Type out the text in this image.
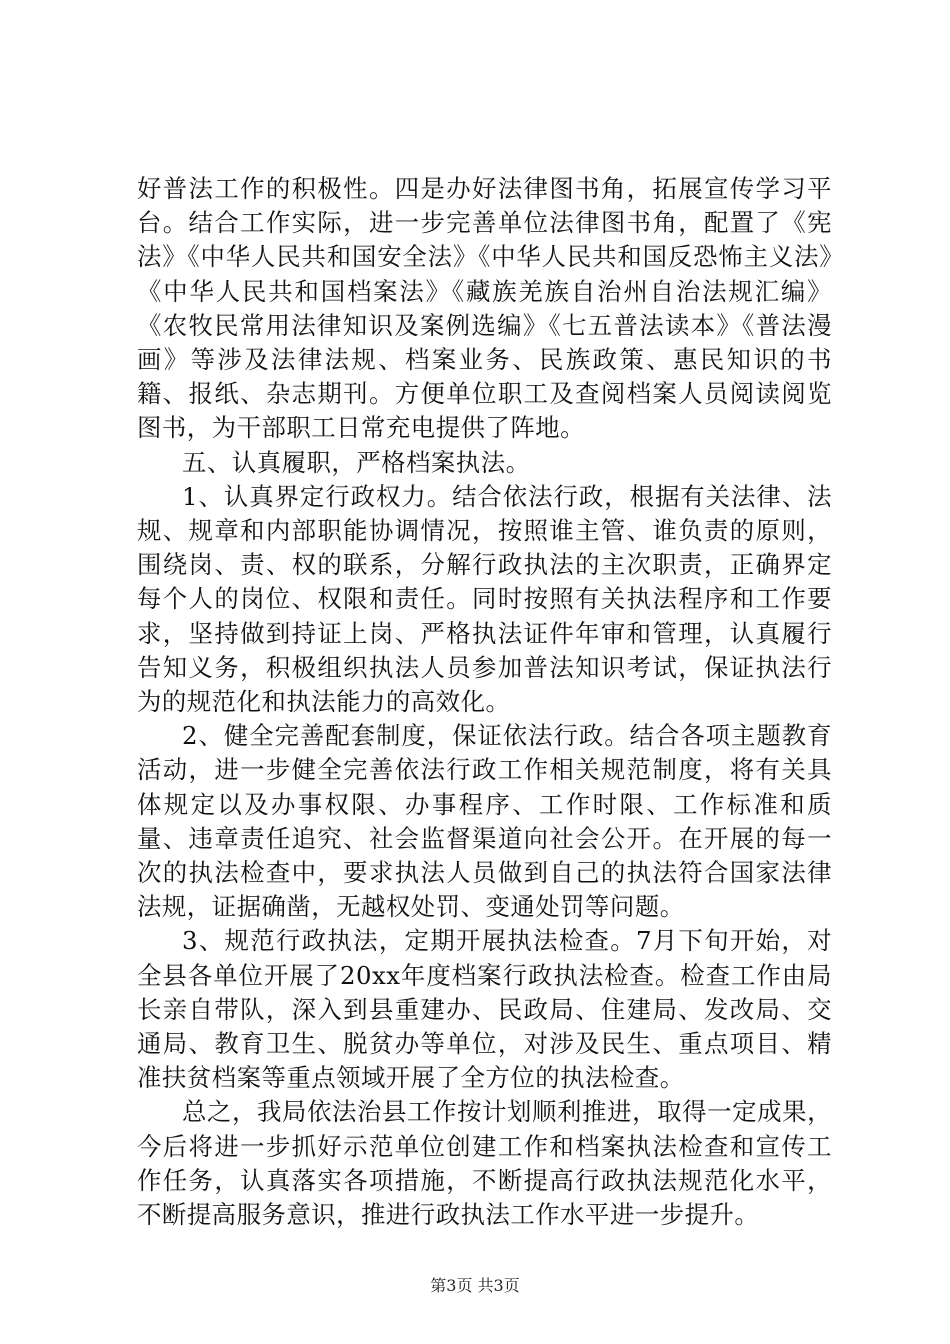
好普法工作的积极性。四是办好法律图书角，拓展宣传学习平台。结合工作实际，进一步完善单位法律图书角，配置了《宪法》《中华人民共和国安全法》《中华人民共和国反恐怖主义法》《中华人民共和国档案法》《藏族羌族自治州自治法规汇编》《农牧民常用法律知识及案例选编》《七五普法读本》《普法漫画》等涉及法律法规、档案业务、民族政策、惠民知识的书籍、报纸、杂志期刊。方便单位职工及查阅档案人员阅读阅览图书，为干部职工日常充电提供了阵地。

五、认真履职，严格档案执法。

1、认真界定行政权力。结合依法行政，根据有关法律、法规、规章和内部职能协调情况，按照谁主管、谁负责的原则，围绕岗、责、权的联系，分解行政执法的主次职责，正确界定每个人的岗位、权限和责任。同时按照有关执法程序和工作要求，坚持做到持证上岗、严格执法证件年审和管理，认真履行告知义务，积极组织执法人员参加普法知识考试，保证执法行为的规范化和执法能力的高效化。

2、健全完善配套制度，保证依法行政。结合各项主题教育活动，进一步健全完善依法行政工作相关规范制度，将有关具体规定以及办事权限、办事程序、工作时限、工作标准和质量、违章责任追究、社会监督渠道向社会公开。在开展的每一次的执法检查中，要求执法人员做到自己的执法符合国家法律法规，证据确凿，无越权处罚、变通处罚等问题。

3、规范行政执法，定期开展执法检查。7月下旬开始，对全县各单位开展了20xx年度档案行政执法检查。检查工作由局长亲自带队，深入到县重建办、民政局、住建局、发改局、交通局、教育卫生、脱贫办等单位，对涉及民生、重点项目、精准扶贫档案等重点领域开展了全方位的执法检查。

总之，我局依法治县工作按计划顺利推进，取得一定成果，今后将进一步抓好示范单位创建工作和档案执法检查和宣传工作任务，认真落实各项措施，不断提高行政执法规范化水平，不断提高服务意识，推进行政执法工作水平进一步提升。

第3页 共3页
